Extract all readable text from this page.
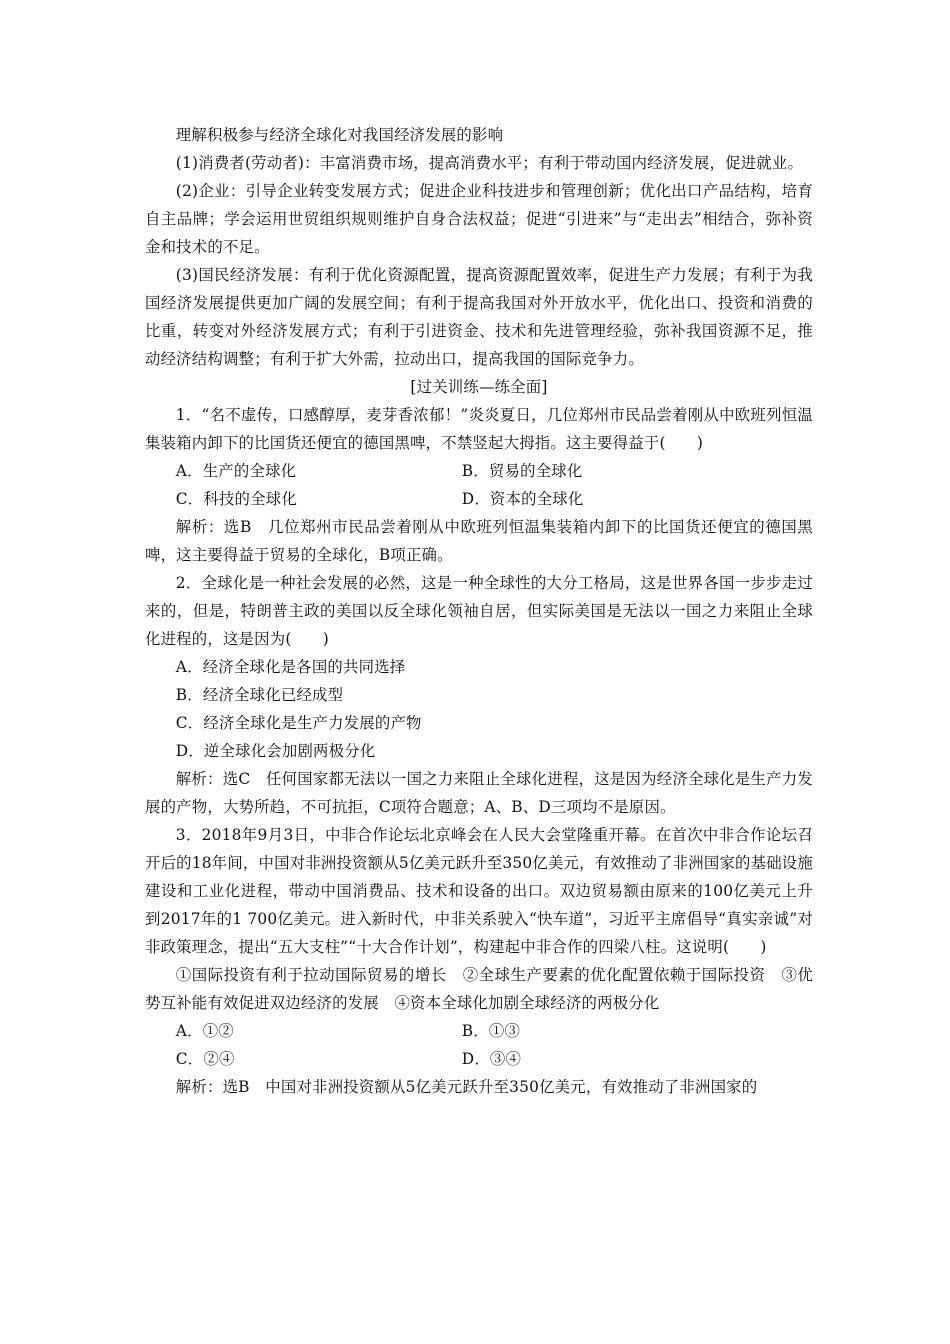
理解积极参与经济全球化对我国经济发展的影响

(1)消费者(劳动者)：丰富消费市场，提高消费水平；有利于带动国内经济发展，促进就业。

(2)企业：引导企业转变发展方式；促进企业科技进步和管理创新；优化出口产品结构，培育自主品牌；学会运用世贸组织规则维护自身合法权益；促进“引进来”与“走出去”相结合，弥补资金和技术的不足。

(3)国民经济发展：有利于优化资源配置，提高资源配置效率，促进生产力发展；有利于为我国经济发展提供更加广阔的发展空间；有利于提高我国对外开放水平，优化出口、投资和消费的比重，转变对外经济发展方式；有利于引进资金、技术和先进管理经验，弥补我国资源不足，推动经济结构调整；有利于扩大外需，拉动出口，提高我国的国际竞争力。

[过关训练—练全面]

1．“名不虚传，口感醇厚，麦芽香浓郁！”炎炎夏日，几位郑州市民品尝着刚从中欧班列恒温集装箱内卸下的比国货还便宜的德国黑啤，不禁竖起大拇指。这主要得益于(　　)

A．生产的全球化	B．贸易的全球化
C．科技的全球化	D．资本的全球化

解析：选B　几位郑州市民品尝着刚从中欧班列恒温集装箱内卸下的比国货还便宜的德国黑啤，这主要得益于贸易的全球化，B项正确。

2．全球化是一种社会发展的必然，这是一种全球性的大分工格局，这是世界各国一步步走过来的，但是，特朗普主政的美国以反全球化领袖自居，但实际美国是无法以一国之力来阻止全球化进程的，这是因为(　　)

A．经济全球化是各国的共同选择

B．经济全球化已经成型

C．经济全球化是生产力发展的产物

D．逆全球化会加剧两极分化

解析：选C　任何国家都无法以一国之力来阻止全球化进程，这是因为经济全球化是生产力发展的产物，大势所趋，不可抗拒，C项符合题意；A、B、D三项均不是原因。

3．2018年9月3日，中非合作论坛北京峰会在人民大会堂隆重开幕。在首次中非合作论坛召开后的18年间，中国对非洲投资额从5亿美元跃升至350亿美元，有效推动了非洲国家的基础设施建设和工业化进程，带动中国消费品、技术和设备的出口。双边贸易额由原来的100亿美元上升到2017年的1 700亿美元。进入新时代，中非关系驶入“快车道”，习近平主席倡导“真实亲诚”对非政策理念，提出“五大支柱”“十大合作计划”，构建起中非合作的四梁八柱。这说明(　　)

①国际投资有利于拉动国际贸易的增长　②全球生产要素的优化配置依赖于国际投资　③优势互补能有效促进双边经济的发展　④资本全球化加剧全球经济的两极分化

A．①②	B．①③
C．②④	D．③④

解析：选B　中国对非洲投资额从5亿美元跃升至350亿美元，有效推动了非洲国家的
